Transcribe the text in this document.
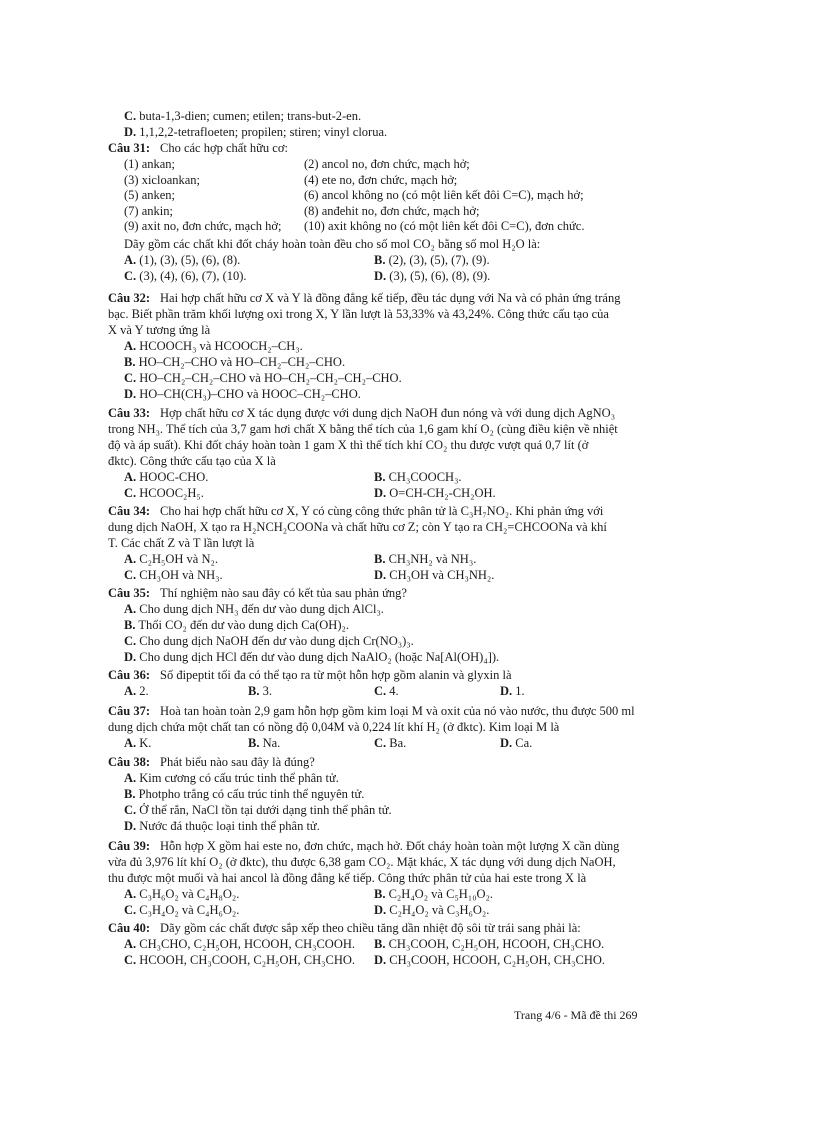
C. buta-1,3-dien; cumen; etilen; trans-but-2-en.
D. 1,1,2,2-tetrafloeten; propilen; stiren; vinyl clorua.
Câu 31: Cho các hợp chất hữu cơ:
(1) ankan;	(2) ancol no, đơn chức, mạch hở;
(3) xicloankan;	(4) ete no, đơn chức, mạch hở;
(5) anken;	(6) ancol không no (có một liên kết đôi C=C), mạch hở;
(7) ankin;	(8) anđehit no, đơn chức, mạch hở;
(9) axit no, đơn chức, mạch hở; (10) axit không no (có một liên kết đôi C=C), đơn chức.
Dãy gồm các chất khi đốt cháy hoàn toàn đều cho số mol CO₂ bằng số mol H₂O là:
A. (1), (3), (5), (6), (8).	B. (2), (3), (5), (7), (9).
C. (3), (4), (6), (7), (10).	D. (3), (5), (6), (8), (9).
Câu 32: Hai hợp chất hữu cơ X và Y là đồng đẳng kế tiếp, đều tác dụng với Na và có phản ứng tráng
bạc. Biết phần trăm khối lượng oxi trong X, Y lần lượt là 53,33% và 43,24%. Công thức cấu tạo của
X và Y tương ứng là
A. HCOOCH₃ và HCOOCH₂–CH₃.
B. HO–CH₂–CHO và HO–CH₂–CH₂–CHO.
C. HO–CH₂–CH₂–CHO và HO–CH₂–CH₂–CH₂–CHO.
D. HO–CH(CH₃)–CHO và HOOC–CH₂–CHO.
Câu 33: Hợp chất hữu cơ X tác dụng được với dung dịch NaOH đun nóng và với dung dịch AgNO₃
trong NH₃. Thể tích của 3,7 gam hơi chất X bằng thể tích của 1,6 gam khí O₂ (cùng điều kiện về nhiệt
độ và áp suất). Khi đốt cháy hoàn toàn 1 gam X thì thể tích khí CO₂ thu được vượt quá 0,7 lít (ở
đktc). Công thức cấu tạo của X là
A. HOOC-CHO.	B. CH₃COOCH₃.
C. HCOOC₂H₅.	D. O=CH-CH₂-CH₂OH.
Câu 34: Cho hai hợp chất hữu cơ X, Y có cùng công thức phân tử là C₃H₇NO₂. Khi phản ứng với
dung dịch NaOH, X tạo ra H₂NCH₂COONa và chất hữu cơ Z; còn Y tạo ra CH₂=CHCOONa và khí
T. Các chất Z và T lần lượt là
A. C₂H₅OH và N₂.	B. CH₃NH₂ và NH₃.
C. CH₃OH và NH₃.	D. CH₃OH và CH₃NH₂.
Câu 35: Thí nghiệm nào sau đây có kết tủa sau phản ứng?
A. Cho dung dịch NH₃ đến dư vào dung dịch AlCl₃.
B. Thổi CO₂ đến dư vào dung dịch Ca(OH)₂.
C. Cho dung dịch NaOH đến dư vào dung dịch Cr(NO₃)₃.
D. Cho dung dịch HCl đến dư vào dung dịch NaAlO₂ (hoặc Na[Al(OH)₄]).
Câu 36: Số đipeptit tối đa có thể tạo ra từ một hỗn hợp gồm alanin và glyxin là
A. 2.	B. 3.	C. 4.	D. 1.
Câu 37: Hoà tan hoàn toàn 2,9 gam hỗn hợp gồm kim loại M và oxit của nó vào nước, thu được 500 ml
dung dịch chứa một chất tan có nồng độ 0,04M và 0,224 lít khí H₂ (ở đktc). Kim loại M là
A. K.	B. Na.	C. Ba.	D. Ca.
Câu 38: Phát biểu nào sau đây là đúng?
A. Kim cương có cấu trúc tinh thể phân tử.
B. Photpho trắng có cấu trúc tinh thể nguyên tử.
C. Ở thể rắn, NaCl tồn tại dưới dạng tinh thể phân tử.
D. Nước đá thuộc loại tinh thể phân tử.
Câu 39: Hỗn hợp X gồm hai este no, đơn chức, mạch hở. Đốt cháy hoàn toàn một lượng X cần dùng
vừa đủ 3,976 lít khí O₂ (ở đktc), thu được 6,38 gam CO₂. Mặt khác, X tác dụng với dung dịch NaOH,
thu được một muối và hai ancol là đồng đẳng kế tiếp. Công thức phân tử của hai este trong X là
A. C₃H₆O₂ và C₄H₈O₂.	B. C₂H₄O₂ và C₅H₁₀O₂.
C. C₃H₄O₂ và C₄H₆O₂.	D. C₂H₄O₂ và C₃H₆O₂.
Câu 40: Dãy gồm các chất được sắp xếp theo chiều tăng dần nhiệt độ sôi từ trái sang phải là:
A. CH₃CHO, C₂H₅OH, HCOOH, CH₃COOH. B. CH₃COOH, C₂H₅OH, HCOOH, CH₃CHO.
C. HCOOH, CH₃COOH, C₂H₅OH, CH₃CHO. D. CH₃COOH, HCOOH, C₂H₅OH, CH₃CHO.
Trang 4/6 - Mã đề thi 269
